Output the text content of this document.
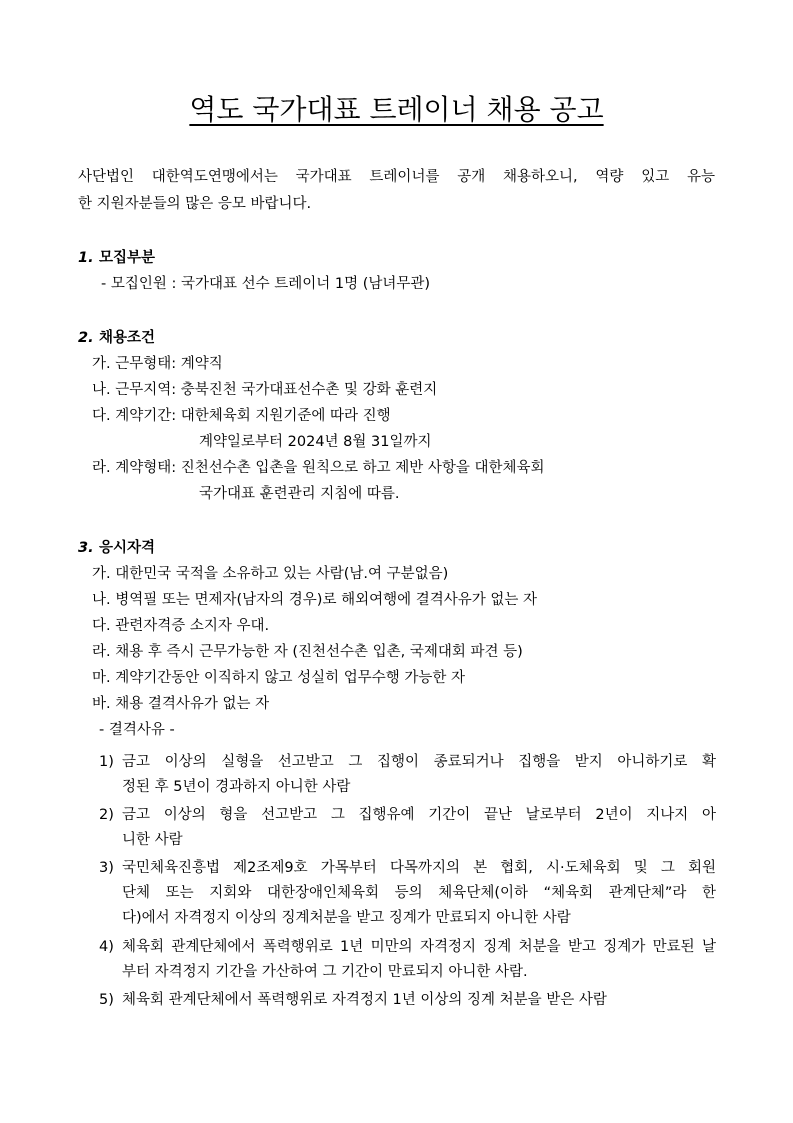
역도 국가대표 트레이너 채용 공고
사단법인 대한역도연맹에서는 국가대표 트레이너를 공개 채용하오니, 역량 있고 유능
한 지원자분들의 많은 응모 바랍니다.
1. 모집부분
- 모집인원 : 국가대표 선수 트레이너 1명 (남녀무관)
2. 채용조건
가. 근무형태: 계약직
나. 근무지역: 충북진천 국가대표선수촌 및 강화 훈련지
다. 계약기간: 대한체육회 지원기준에 따라 진행
계약일로부터 2024년 8월 31일까지
라. 계약형태: 진천선수촌 입촌을 원칙으로 하고 제반 사항을 대한체육회
국가대표 훈련관리 지침에 따름.
3. 응시자격
가. 대한민국 국적을 소유하고 있는 사람(남.여 구분없음)
나. 병역필 또는 면제자(남자의 경우)로 해외여행에 결격사유가 없는 자
다. 관련자격증 소지자 우대.
라. 채용 후 즉시 근무가능한 자 (진천선수촌 입촌, 국제대회 파견 등)
마. 계약기간동안 이직하지 않고 성실히 업무수행 가능한 자
바. 채용 결격사유가 없는 자
- 결격사유 -
1) 금고 이상의 실형을 선고받고 그 집행이 종료되거나 집행을 받지 아니하기로 확
정된 후 5년이 경과하지 아니한 사람
2) 금고 이상의 형을 선고받고 그 집행유예 기간이 끝난 날로부터 2년이 지나지 아
니한 사람
3) 국민체육진흥법 제2조제9호 가목부터 다목까지의 본 협회, 시·도체육회 및 그 회원
단체 또는 지회와 대한장애인체육회 등의 체육단체(이하 “체육회 관계단체”라 한
다)에서 자격정지 이상의 징계처분을 받고 징계가 만료되지 아니한 사람
4) 체육회 관계단체에서 폭력행위로 1년 미만의 자격정지 징계 처분을 받고 징계가 만료된 날
부터 자격정지 기간을 가산하여 그 기간이 만료되지 아니한 사람.
5) 체육회 관계단체에서 폭력행위로 자격정지 1년 이상의 징계 처분을 받은 사람
